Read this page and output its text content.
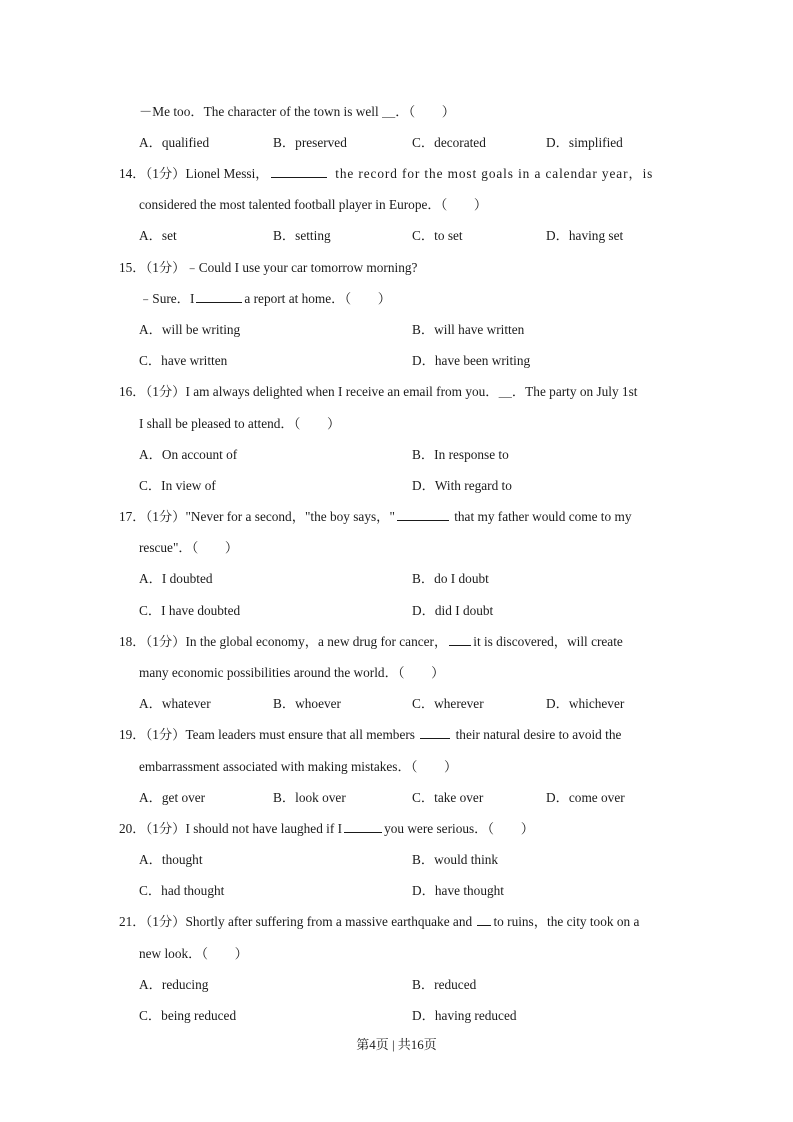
－Me too．The character of the town is well ＿．（　　）
A．qualified	B．preserved	C．decorated	D．simplified
14．（1分）Lionel Messi，	the record for the most goals in a calendar year，is
considered the most talented football player in Europe．（　　）
A．set	B．setting	C．to set	D．having set
15．（1分）﹣Could I use your car tomorrow morning?
﹣Sure．I	a report at home．（　　）
A．will be writing	B．will have written
C．have written	D．have been writing
16．（1分）I am always delighted when I receive an email from you．＿．The party on July 1st
I shall be pleased to attend．（　　）
A．On account of	B．In response to
C．In view of	D．With regard to
17．（1分）"Never for a second，"the boy says，"	that my father would come to my
rescue"．（　　）
A．I doubted	B．do I doubt
C．I have doubted	D．did I doubt
18．（1分）In the global economy，a new drug for cancer， it is discovered，will create
many economic possibilities around the world．（　　）
A．whatever	B．whoever	C．wherever	D．whichever
19．（1分）Team leaders must ensure that all members	their natural desire to avoid the
embarrassment associated with making mistakes．（　　）
A．get over	B．look over	C．take over	D．come over
20．（1分）I should not have laughed if I	you were serious．（　　）
A．thought	B．would think
C．had thought	D．have thought
21．（1分）Shortly after suffering from a massive earthquake and to ruins，the city took on a
new look．（　　）
A．reducing	B．reduced
C．being reduced	D．having reduced
第4页 | 共16页
